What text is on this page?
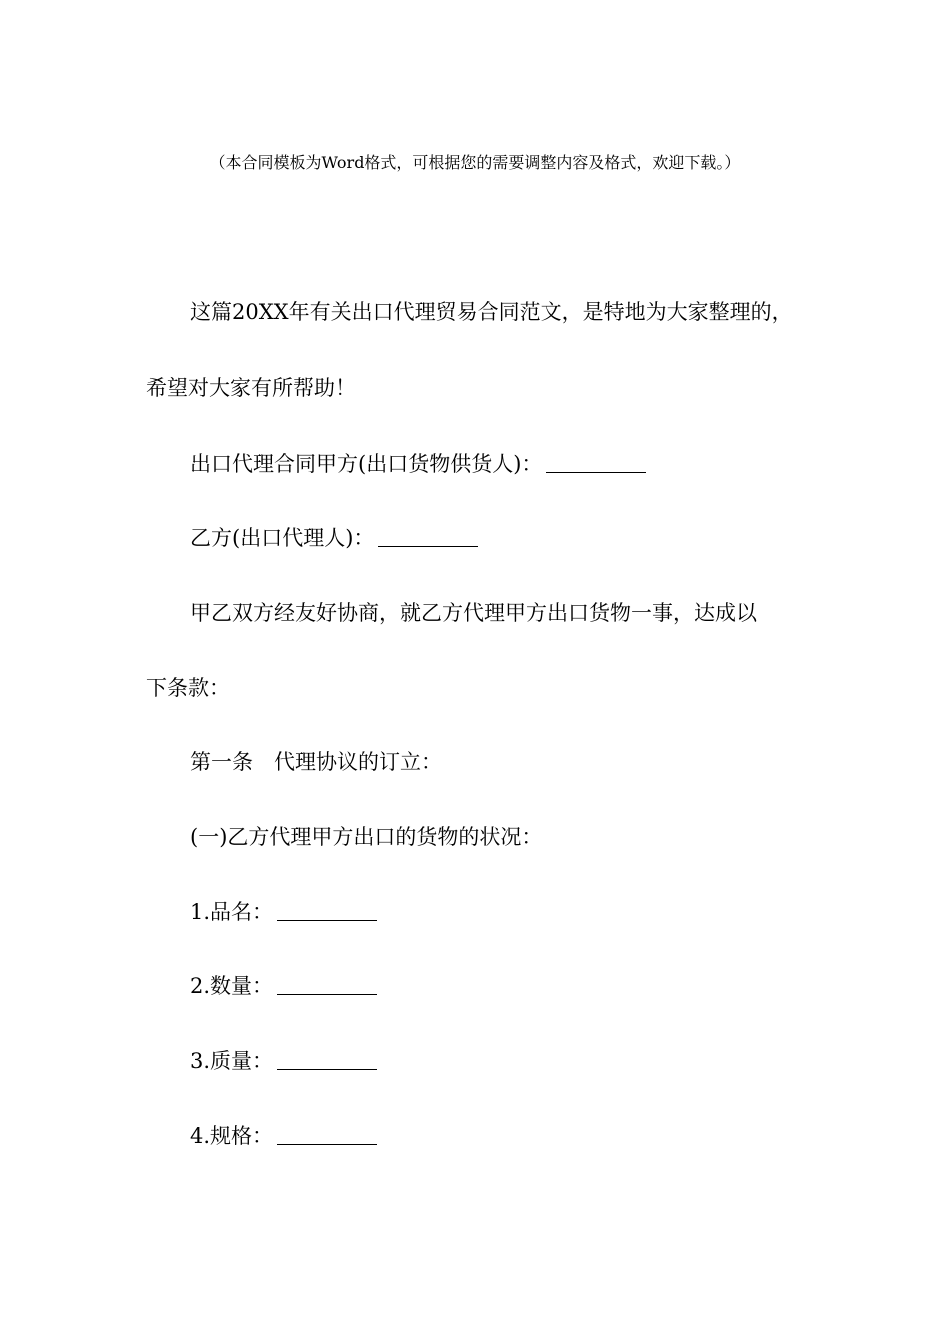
（本合同模板为Word格式，可根据您的需要调整内容及格式，欢迎下载。）
这篇20XX年有关出口代理贸易合同范文，是特地为大家整理的，
希望对大家有所帮助！
出口代理合同甲方(出口货物供货人)：
乙方(出口代理人)：
甲乙双方经友好协商，就乙方代理甲方出口货物一事，达成以
下条款：
第一条　代理协议的订立：
(一)乙方代理甲方出口的货物的状况：
1.品名：
2.数量：
3.质量：
4.规格：
